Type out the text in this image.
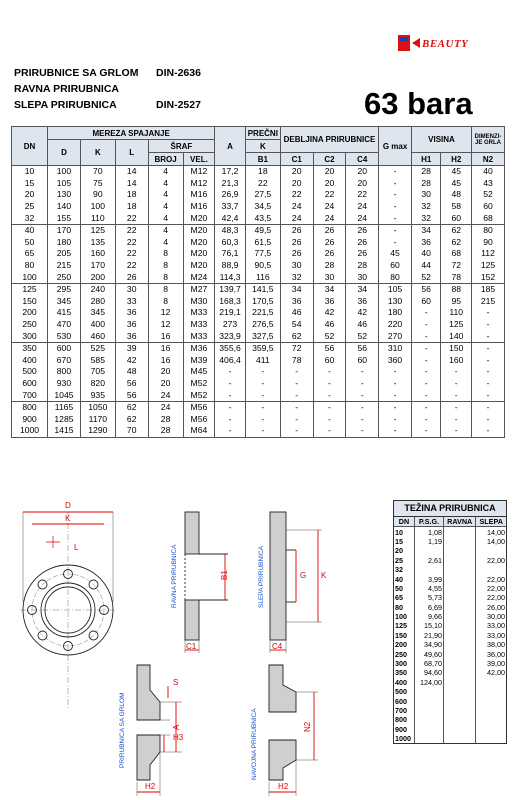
BEAUTY
PRIRUBNICE SA GRLOM DIN-2636
RAVNA PRIRUBNICA
SLEPA PRIRUBNICA	DIN-2527	63 bara
DN	MEREZA SPAJANJE					A	PREČNI	DEBLJINA PRIRUBNICE			G max	VISINA		DIMENZI-JE GRLA
	D	K	L	ŠRAF			K							
				BROJ	VEL.		B1	C1	C2	C4		H1	H2	N2
10	100	70	14	4	M12	17,2	18	20	20	20	-	28	45	40
15	105	75	14	4	M12	21,3	22	20	20	20	-	28	45	43
20	130	90	18	4	M16	26,9	27,5	22	22	22	-	30	48	52
25	140	100	18	4	M16	33,7	34,5	24	24	24	-	32	58	60
32	155	110	22	4	M20	42,4	43,5	24	24	24	-	32	60	68
40	170	125	22	4	M20	48,3	49,5	26	26	26	-	34	62	80
50	180	135	22	4	M20	60,3	61,5	26	26	26	-	36	62	90
65	205	160	22	8	M20	76,1	77,5	26	26	26	45	40	68	112
80	215	170	22	8	M20	88,9	90,5	30	28	28	60	44	72	125
100	250	200	26	8	M24	114,3	116	32	30	30	80	52	78	152
125	295	240	30	8	M27	139,7	141,5	34	34	34	105	56	88	185
150	345	280	33	8	M30	168,3	170,5	36	36	36	130	60	95	215
200	415	345	36	12	M33	219,1	221,5	46	42	42	180	-	110	-
250	470	400	36	12	M33	273	276,5	54	46	46	220	-	125	-
300	530	460	36	16	M33	323,9	327,5	62	52	52	270	-	140	-
350	600	525	39	16	M36	355,6	359,5	72	56	56	310	-	150	-
400	670	585	42	16	M39	406,4	411	78	60	60	360	-	160	-
500	800	705	48	20	M45	-	-	-	-	-	-	-	-	-
600	930	820	56	20	M52	-	-	-	-	-	-	-	-	-
700	1045	935	56	24	M52	-	-	-	-	-	-	-	-	-
800	1165	1050	62	24	M56	-	-	-	-	-	-	-	-	-
900	1285	1170	62	28	M56	-	-	-	-	-	-	-	-	-
1000	1415	1290	70	28	M64	-	-	-	-	-	-	-	-	-
D
K
L
B1
C1
RAVNA PRIRUBNICA	G K
C4
SLEPA PRIRUBNICA
S
A
H3
H2
PRIRUBNICA SA GRLOM	N2
H2
NAVOJNA PRIRUBNICA
TEŽINA PRIRUBNICA
DN	P.S.G.	RAVNA	SLEPA
10	1,08		14,00
15	1,19		14,00
20			
25	2,61		22,00
32			
40	3,99		22,00
50	4,55		22,00
65	5,73		22,00
80	6,69		26,00
100	9,66		30,00
125	15,10		33,00
150	21,90		33,00
200	34,90		38,00
250	49,60		36,00
300	68,70		39,00
350	94,60		42,00
400	124,00		
500			
600			
700			
800			
900			
1000			
